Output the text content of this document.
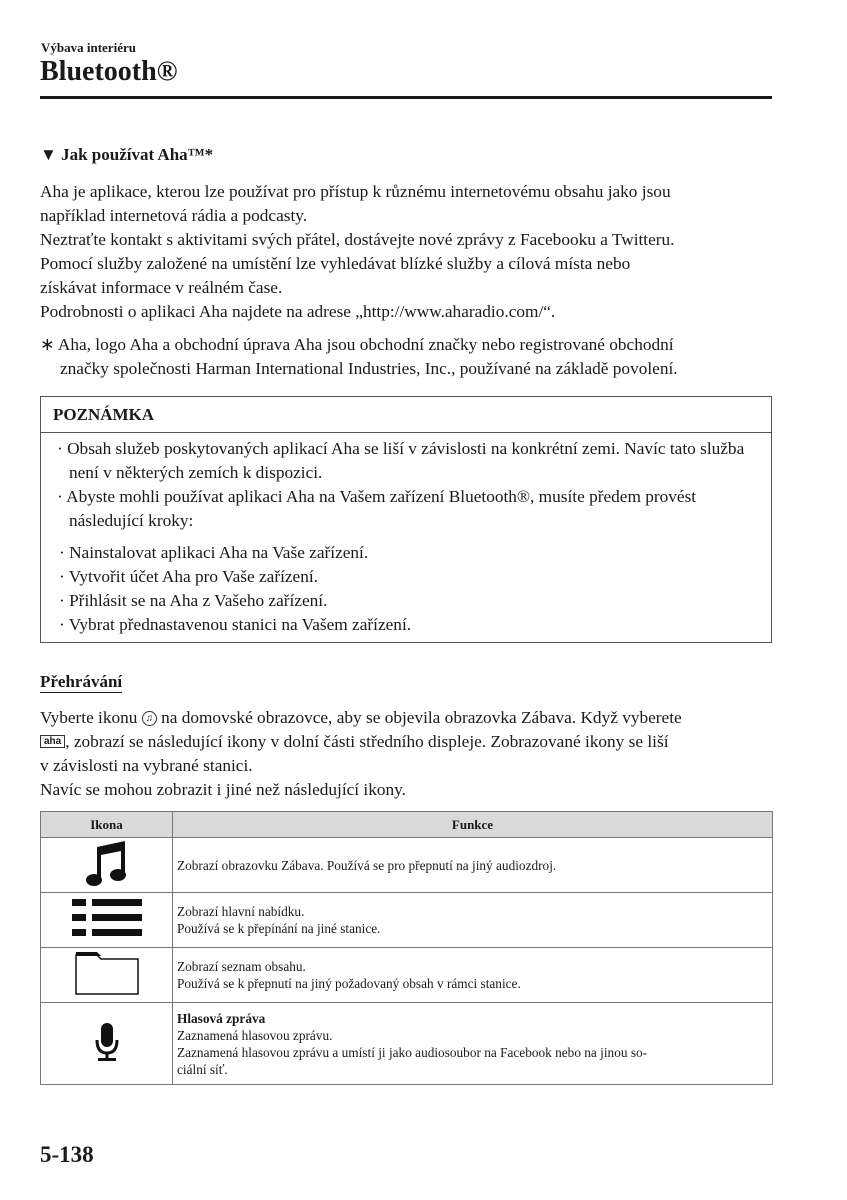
Výbava interiéru
Bluetooth®
▼ Jak používat Aha™*
Aha je aplikace, kterou lze používat pro přístup k různému internetovému obsahu jako jsou
například internetová rádia a podcasty.
Neztraťte kontakt s aktivitami svých přátel, dostávejte nové zprávy z Facebooku a Twitteru.
Pomocí služby založené na umístění lze vyhledávat blízké služby a cílová místa nebo
získávat informace v reálném čase.
Podrobnosti o aplikaci Aha najdete na adrese „http://www.aharadio.com/“.
∗ Aha, logo Aha a obchodní úprava Aha jsou obchodní značky nebo registrované obchodní
značky společnosti Harman International Industries, Inc., používané na základě povolení.
POZNÁMKA
· Obsah služeb poskytovaných aplikací Aha se liší v závislosti na konkrétní zemi. Navíc tato služba není v některých zemích k dispozici.
· Abyste mohli používat aplikaci Aha na Vašem zařízení Bluetooth®, musíte předem provést následující kroky:
· Nainstalovat aplikaci Aha na Vaše zařízení.
· Vytvořit účet Aha pro Vaše zařízení.
· Přihlásit se na Aha z Vašeho zařízení.
· Vybrat přednastavenou stanici na Vašem zařízení.
Přehrávání
Vyberte ikonu ♫ na domovské obrazovce, aby se objevila obrazovka Zábava. Když vyberete
aha , zobrazí se následující ikony v dolní části středního displeje. Zobrazované ikony se liší
v závislosti na vybrané stanici.
Navíc se mohou zobrazit i jiné než následující ikony.
Ikona	Funkce

Zobrazí obrazovku Zábava. Používá se pro přepnutí na jiný audiozdroj.

Zobrazí hlavní nabídku.
Používá se k přepínání na jiné stanice.

Zobrazí seznam obsahu.
Používá se k přepnutí na jiný požadovaný obsah v rámci stanice.

Hlasová zpráva
Zaznamená hlasovou zprávu.
Zaznamená hlasovou zprávu a umístí ji jako audiosoubor na Facebook nebo na jinou so-
ciální síť.
5-138
